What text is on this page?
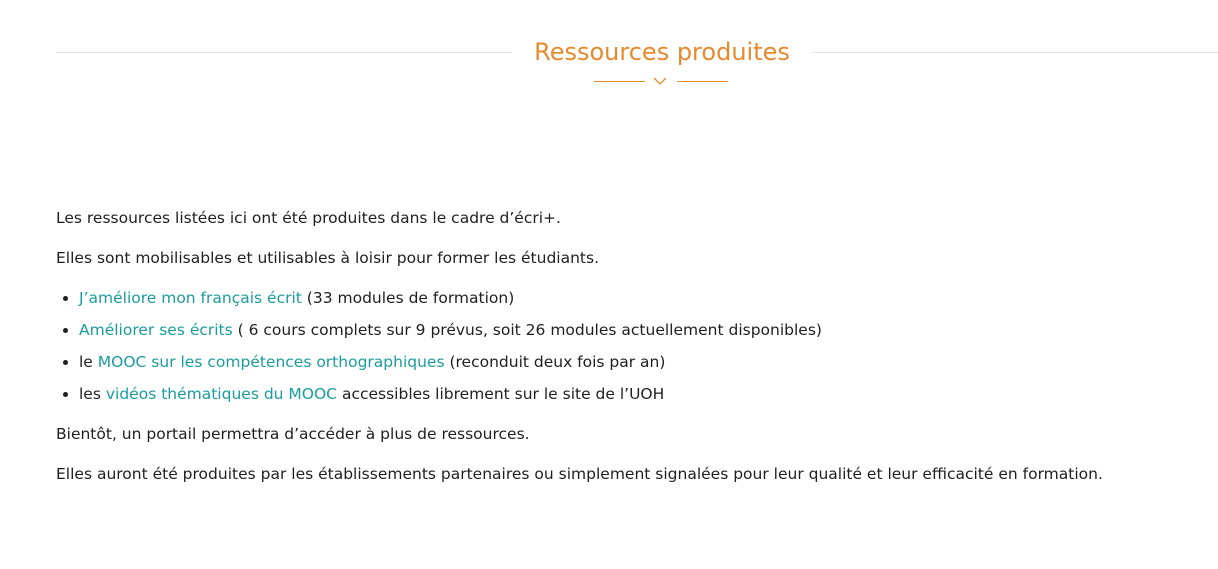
Ressources produites

Les ressources listées ici ont été produites dans le cadre d’écri+.

Elles sont mobilisables et utilisables à loisir pour former les étudiants.

• J’améliore mon français écrit (33 modules de formation)
• Améliorer ses écrits ( 6 cours complets sur 9 prévus, soit 26 modules actuellement disponibles)
• le MOOC sur les compétences orthographiques (reconduit deux fois par an)
• les vidéos thématiques du MOOC accessibles librement sur le site de l’UOH

Bientôt, un portail permettra d’accéder à plus de ressources.

Elles auront été produites par les établissements partenaires ou simplement signalées pour leur qualité et leur efficacité en formation.
